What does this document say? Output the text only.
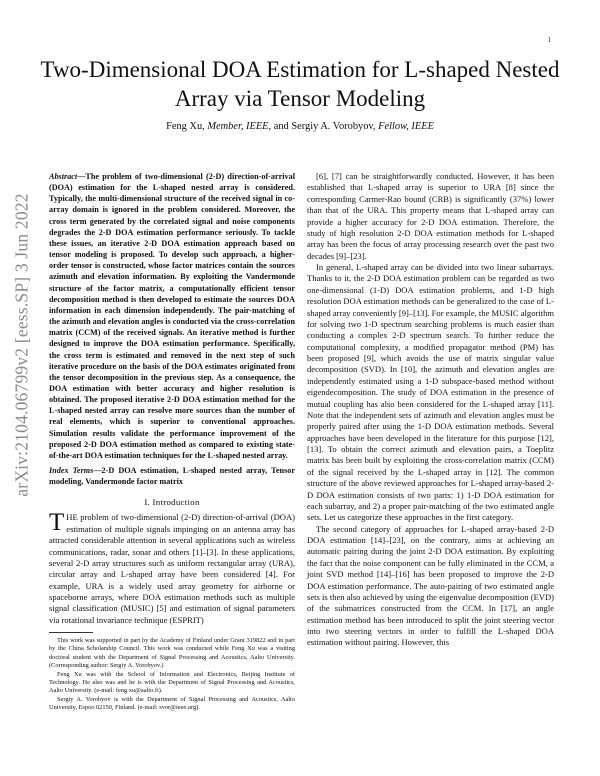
1
arXiv:2104.06799v2 [eess.SP] 3 Jun 2022
Two-Dimensional DOA Estimation for L-shaped Nested Array via Tensor Modeling
Feng Xu, Member, IEEE, and Sergiy A. Vorobyov, Fellow, IEEE

Abstract—The problem of two-dimensional (2-D) direction-of-arrival (DOA) estimation for the L-shaped nested array is considered. Typically, the multi-dimensional structure of the received signal in co-array domain is ignored in the problem considered. Moreover, the cross term generated by the correlated signal and noise components degrades the 2-D DOA estimation performance seriously. To tackle these issues, an iterative 2-D DOA estimation approach based on tensor modeling is proposed. To develop such approach, a higher-order tensor is constructed, whose factor matrices contain the sources azimuth and elevation information. By exploiting the Vandermonde structure of the factor matrix, a computationally efficient tensor decomposition method is then developed to estimate the sources DOA information in each dimension independently. The pair-matching of the azimuth and elevation angles is conducted via the cross-correlation matrix (CCM) of the received signals. An iterative method is further designed to improve the DOA estimation performance. Specifically, the cross term is estimated and removed in the next step of such iterative procedure on the basis of the DOA estimates originated from the tensor decomposition in the previous step. As a consequence, the DOA estimation with better accuracy and higher resolution is obtained. The proposed iterative 2-D DOA estimation method for the L-shaped nested array can resolve more sources than the number of real elements, which is superior to conventional approaches. Simulation results validate the performance improvement of the proposed 2-D DOA estimation method as compared to existing state-of-the-art DOA estimation techniques for the L-shaped nested array.

Index Terms—2-D DOA estimation, L-shaped nested array, Tensor modeling, Vandermonde factor matrix

I. Introduction

THE problem of two-dimensional (2-D) direction-of-arrival (DOA) estimation of multiple signals impinging on an antenna array has attracted considerable attention in several applications such as wireless communications, radar, sonar and others [1]–[3]. In these applications, several 2-D array structures such as uniform rectangular array (URA), circular array and L-shaped array have been considered [4]. For example, URA is a widely used array geometry for airborne or spaceborne arrays, where DOA estimation methods such as multiple signal classification (MUSIC) [5] and estimation of signal parameters via rotational invariance technique (ESPRIT)

This work was supported in part by the Academy of Finland under Grant 319822 and in part by the China Scholarship Council. This work was conducted while Feng Xu was a visiting doctoral student with the Department of Signal Processing and Acoustics, Aalto University. (Corresponding author: Sergiy A. Vorobyov.)

Feng Xu was with the School of Information and Electronics, Beijing Institute of Technology. He also was and he is with the Department of Signal Processing and Acoustics, Aalto University. (e-mail: feng.xu@aalto.fi).

Sergiy A. Vorobyov is with the Department of Signal Processing and Acoustics, Aalto University, Espoo 02150, Finland. (e-mail: svor@ieee.org).

[6], [7] can be straightforwardly conducted. However, it has been established that L-shaped array is superior to URA [8] since the corresponding Carmer-Rao bound (CRB) is significantly (37%) lower than that of the URA. This property means that L-shaped array can provide a higher accuracy for 2-D DOA estimation. Therefore, the study of high resolution 2-D DOA estimation methods for L-shaped array has been the focus of array processing research over the past two decades [9]–[23].

In general, L-shaped array can be divided into two linear subarrays. Thanks to it, the 2-D DOA estimation problem can be regarded as two one-dimensional (1-D) DOA estimation problems, and 1-D high resolution DOA estimation methods can be generalized to the case of L-shaped array conveniently [9]–[13]. For example, the MUSIC algorithm for solving two 1-D spectrum searching problems is much easier than conducting a complex 2-D spectrum search. To further reduce the computational complexity, a modified propagator method (PM) has been proposed [9], which avoids the use of matrix singular value decomposition (SVD). In [10], the azimuth and elevation angles are independently estimated using a 1-D subspace-based method without eigendecomposition. The study of DOA estimation in the presence of mutual coupling has also been considered for the L-shaped array [11]. Note that the independent sets of azimuth and elevation angles must be properly paired after using the 1-D DOA estimation methods. Several approaches have been developed in the literature for this purpose [12], [13]. To obtain the correct azimuth and elevation pairs, a Toeplitz matrix has been built by exploiting the cross-correlation matrix (CCM) of the signal received by the L-shaped array in [12]. The common structure of the above reviewed approaches for L-shaped array-based 2-D DOA estimation consists of two parts: 1) 1-D DOA estimation for each subarray, and 2) a proper pair-matching of the two estimated angle sets. Let us categorize these approaches in the first category.

The second category of approaches for L-shaped array-based 2-D DOA estimation [14]–[23], on the contrary, aims at achieving an automatic pairing during the joint 2-D DOA estimation. By exploiting the fact that the noise component can be fully eliminated in the CCM, a joint SVD method [14]–[16] has been proposed to improve the 2-D DOA estimation performance. The auto-pairing of two estimated angle sets is then also achieved by using the eigenvalue decomposition (EVD) of the submatrices constructed from the CCM. In [17], an angle estimation method has been introduced to split the joint steering vector into two steering vectors in order to fulfill the L-shaped DOA estimation without pairing. However, this
